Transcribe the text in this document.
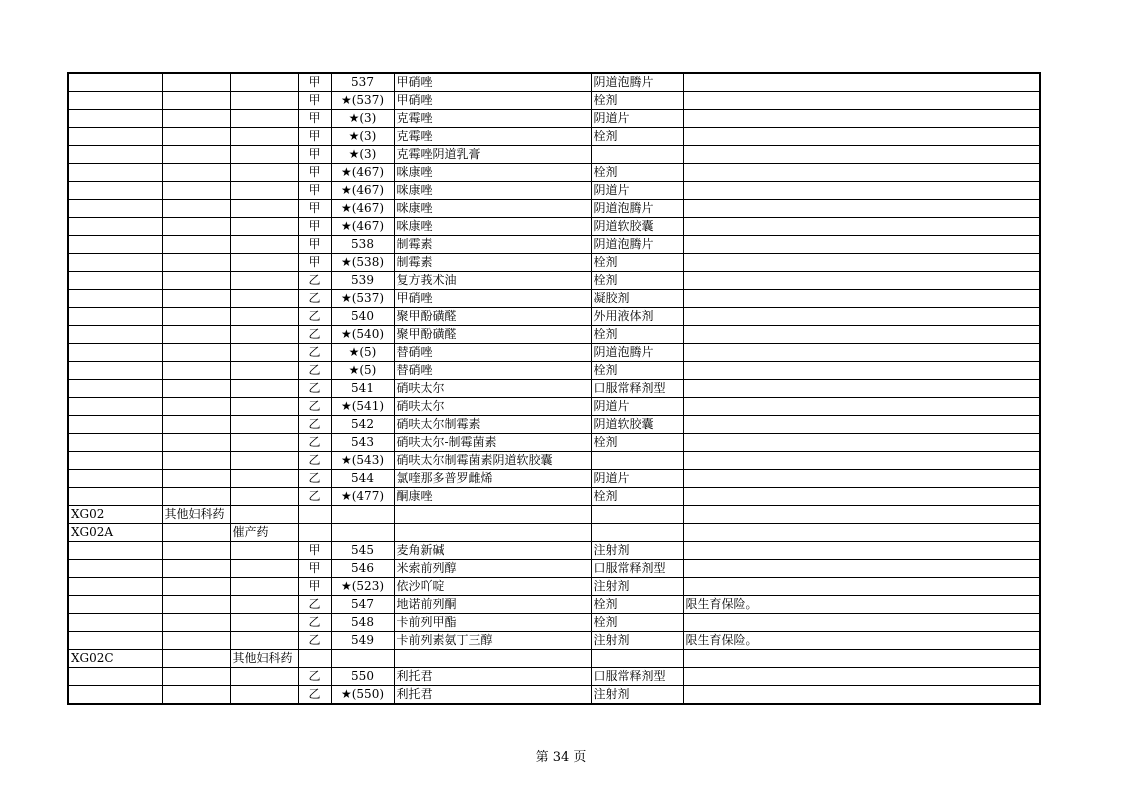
			甲	537	甲硝唑	阴道泡腾片	
			甲	★(537)	甲硝唑	栓剂	
			甲	★(3)	克霉唑	阴道片	
			甲	★(3)	克霉唑	栓剂	
			甲	★(3)	克霉唑阴道乳膏		
			甲	★(467)	咪康唑	栓剂	
			甲	★(467)	咪康唑	阴道片	
			甲	★(467)	咪康唑	阴道泡腾片	
			甲	★(467)	咪康唑	阴道软胶囊	
			甲	538	制霉素	阴道泡腾片	
			甲	★(538)	制霉素	栓剂	
			乙	539	复方莪术油	栓剂	
			乙	★(537)	甲硝唑	凝胶剂	
			乙	540	聚甲酚磺醛	外用液体剂	
			乙	★(540)	聚甲酚磺醛	栓剂	
			乙	★(5)	替硝唑	阴道泡腾片	
			乙	★(5)	替硝唑	栓剂	
			乙	541	硝呋太尔	口服常释剂型	
			乙	★(541)	硝呋太尔	阴道片	
			乙	542	硝呋太尔制霉素	阴道软胶囊	
			乙	543	硝呋太尔-制霉菌素	栓剂	
			乙	★(543)	硝呋太尔制霉菌素阴道软胶囊		
			乙	544	氯喹那多普罗雌烯	阴道片	
			乙	★(477)	酮康唑	栓剂	
XG02	其他妇科药						
XG02A		催产药					
			甲	545	麦角新碱	注射剂	
			甲	546	米索前列醇	口服常释剂型	
			甲	★(523)	依沙吖啶	注射剂	
			乙	547	地诺前列酮	栓剂	限生育保险。
			乙	548	卡前列甲酯	栓剂	
			乙	549	卡前列素氨丁三醇	注射剂	限生育保险。
XG02C		其他妇科药					
			乙	550	利托君	口服常释剂型	
			乙	★(550)	利托君	注射剂	
第 34 页
